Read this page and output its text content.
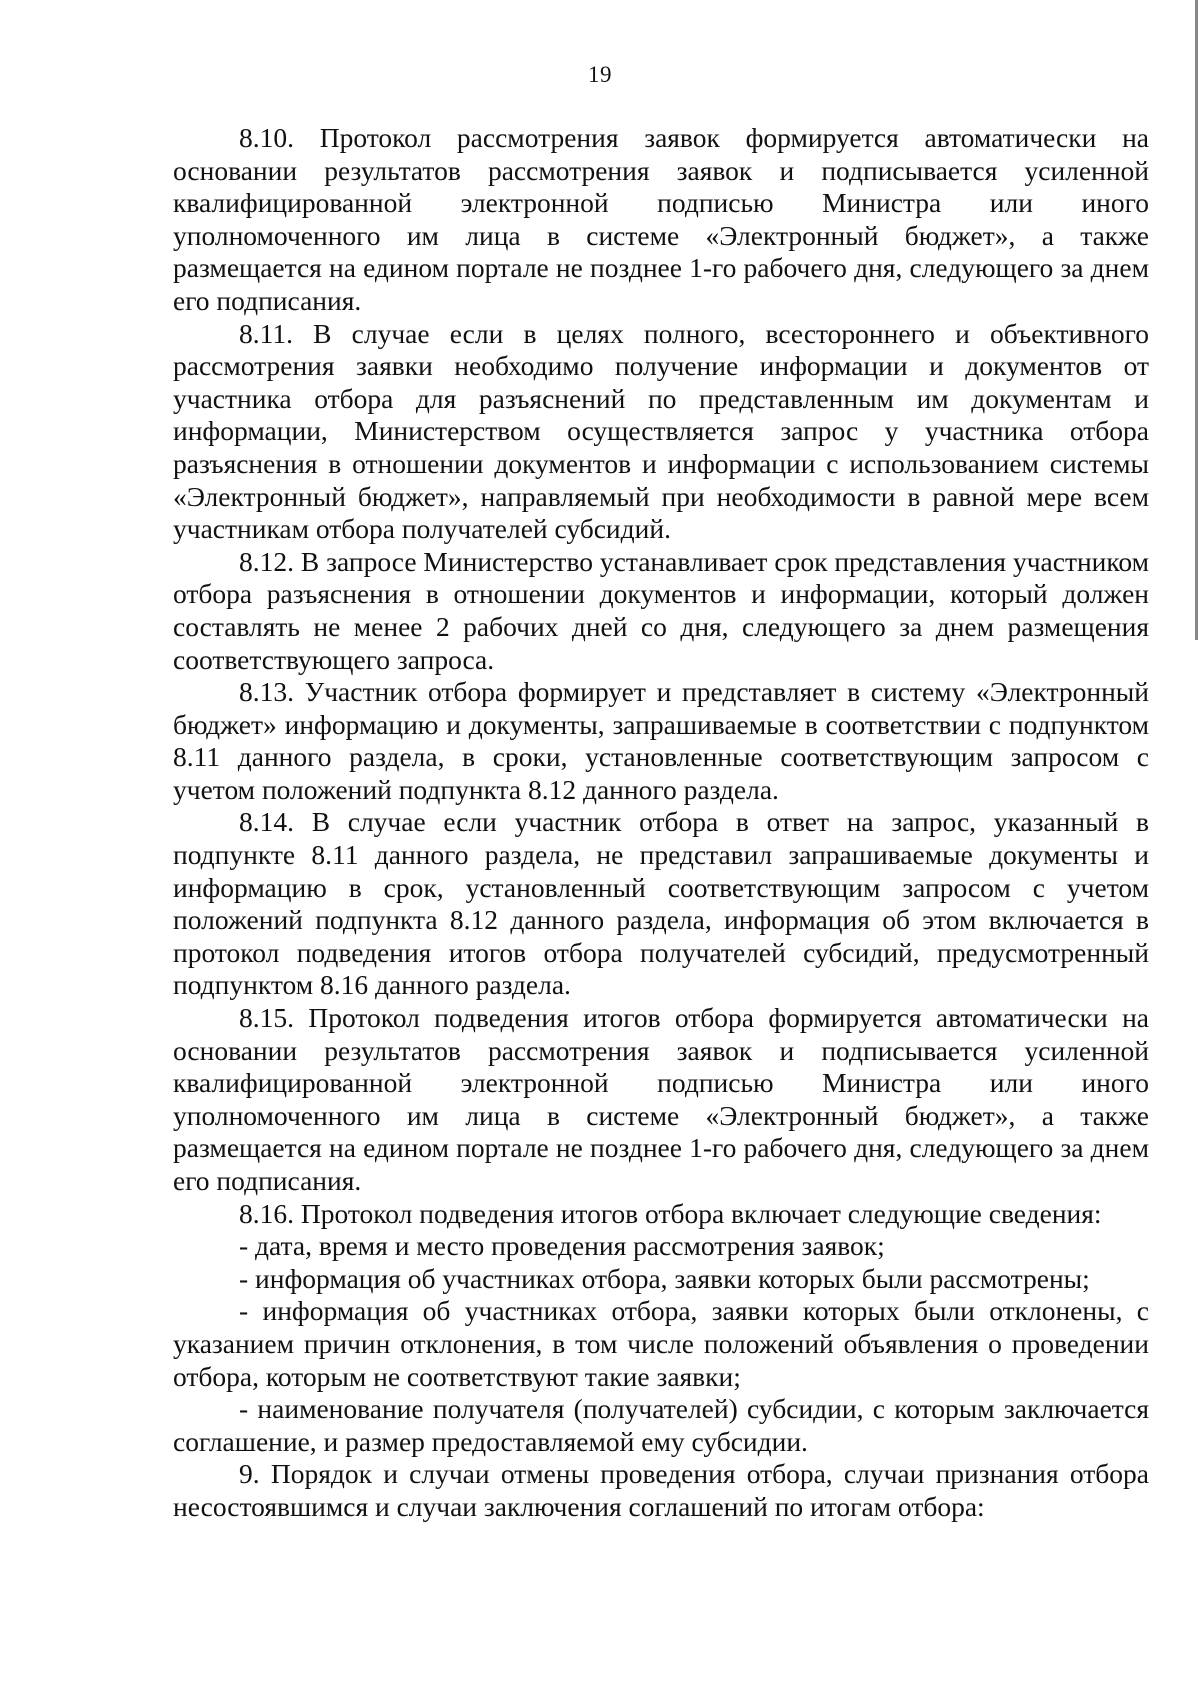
19

8.10. Протокол рассмотрения заявок формируется автоматически на основании результатов рассмотрения заявок и подписывается усиленной квалифицированной электронной подписью Министра или иного уполномоченного им лица в системе «Электронный бюджет», а также размещается на едином портале не позднее 1-го рабочего дня, следующего за днем его подписания.

8.11. В случае если в целях полного, всестороннего и объективного рассмотрения заявки необходимо получение информации и документов от участника отбора для разъяснений по представленным им документам и информации, Министерством осуществляется запрос у участника отбора разъяснения в отношении документов и информации с использованием системы «Электронный бюджет», направляемый при необходимости в равной мере всем участникам отбора получателей субсидий.

8.12. В запросе Министерство устанавливает срок представления участником отбора разъяснения в отношении документов и информации, который должен составлять не менее 2 рабочих дней со дня, следующего за днем размещения соответствующего запроса.

8.13. Участник отбора формирует и представляет в систему «Электронный бюджет» информацию и документы, запрашиваемые в соответствии с подпунктом 8.11 данного раздела, в сроки, установленные соответствующим запросом с учетом положений подпункта 8.12 данного раздела.

8.14. В случае если участник отбора в ответ на запрос, указанный в подпункте 8.11 данного раздела, не представил запрашиваемые документы и информацию в срок, установленный соответствующим запросом с учетом положений подпункта 8.12 данного раздела, информация об этом включается в протокол подведения итогов отбора получателей субсидий, предусмотренный подпунктом 8.16 данного раздела.

8.15. Протокол подведения итогов отбора формируется автоматически на основании результатов рассмотрения заявок и подписывается усиленной квалифицированной электронной подписью Министра или иного уполномоченного им лица в системе «Электронный бюджет», а также размещается на едином портале не позднее 1-го рабочего дня, следующего за днем его подписания.

8.16. Протокол подведения итогов отбора включает следующие сведения:

- дата, время и место проведения рассмотрения заявок;

- информация об участниках отбора, заявки которых были рассмотрены;

- информация об участниках отбора, заявки которых были отклонены, с указанием причин отклонения, в том числе положений объявления о проведении отбора, которым не соответствуют такие заявки;

- наименование получателя (получателей) субсидии, с которым заключается соглашение, и размер предоставляемой ему субсидии.

9. Порядок и случаи отмены проведения отбора, случаи признания отбора несостоявшимся и случаи заключения соглашений по итогам отбора:
